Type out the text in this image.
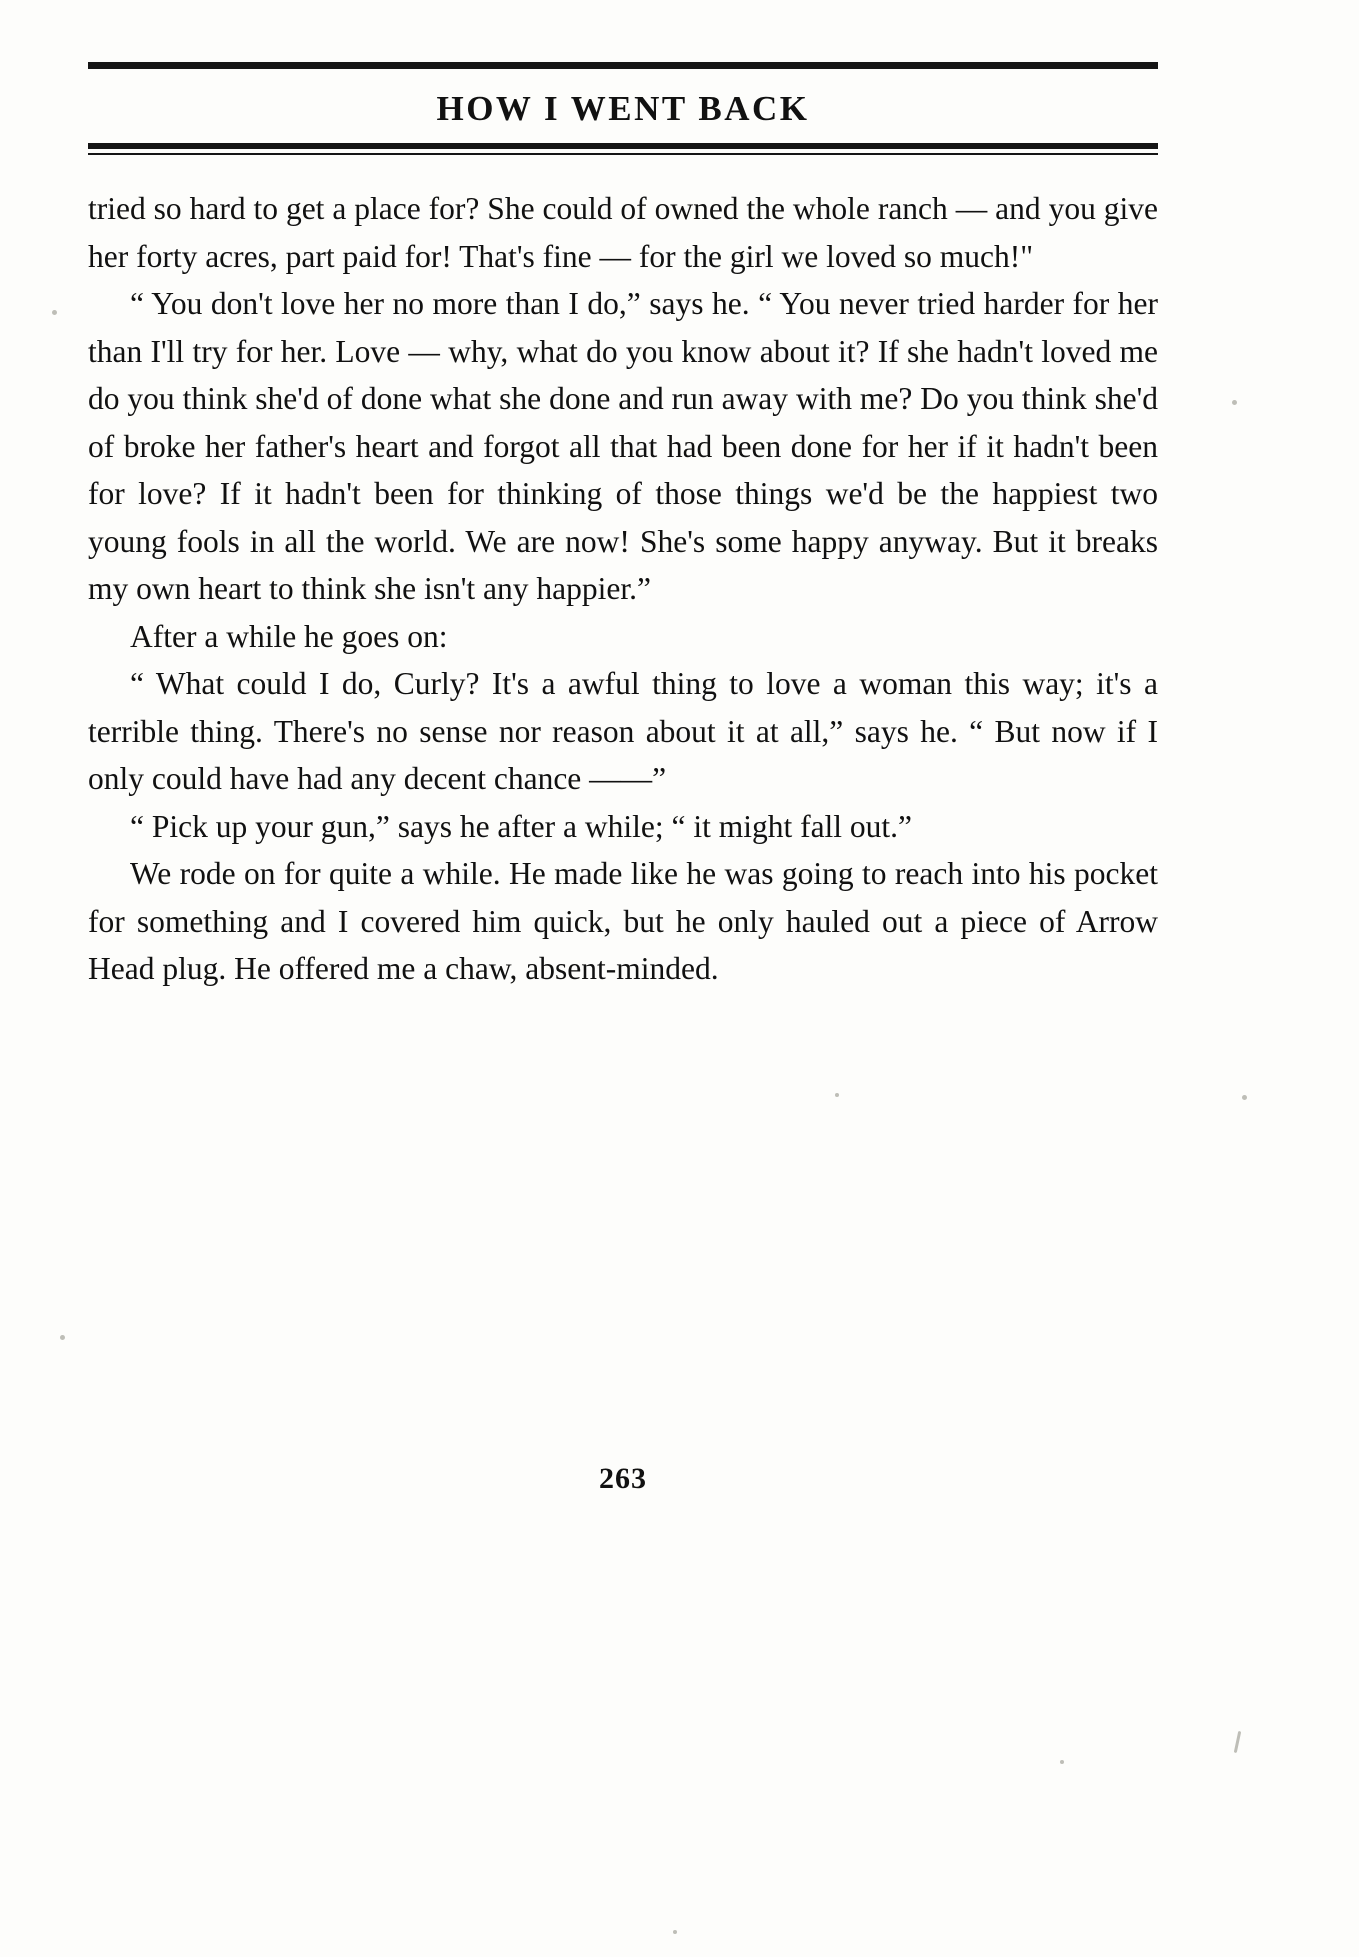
HOW I WENT BACK

tried so hard to get a place for? She could of owned the whole ranch — and you give her forty acres, part paid for! That's fine — for the girl we loved so much!"

“ You don't love her no more than I do,” says he. “ You never tried harder for her than I'll try for her. Love — why, what do you know about it? If she hadn't loved me do you think she'd of done what she done and run away with me? Do you think she'd of broke her father's heart and forgot all that had been done for her if it hadn't been for love? If it hadn't been for thinking of those things we'd be the happiest two young fools in all the world. We are now! She's some happy anyway. But it breaks my own heart to think she isn't any happier.”

After a while he goes on:

“ What could I do, Curly? It's a awful thing to love a woman this way; it's a terrible thing. There's no sense nor reason about it at all,” says he. “ But now if I only could have had any decent chance ——”

“ Pick up your gun,” says he after a while; “ it might fall out.”

We rode on for quite a while. He made like he was going to reach into his pocket for something and I covered him quick, but he only hauled out a piece of Arrow Head plug. He offered me a chaw, absent-minded.

263
